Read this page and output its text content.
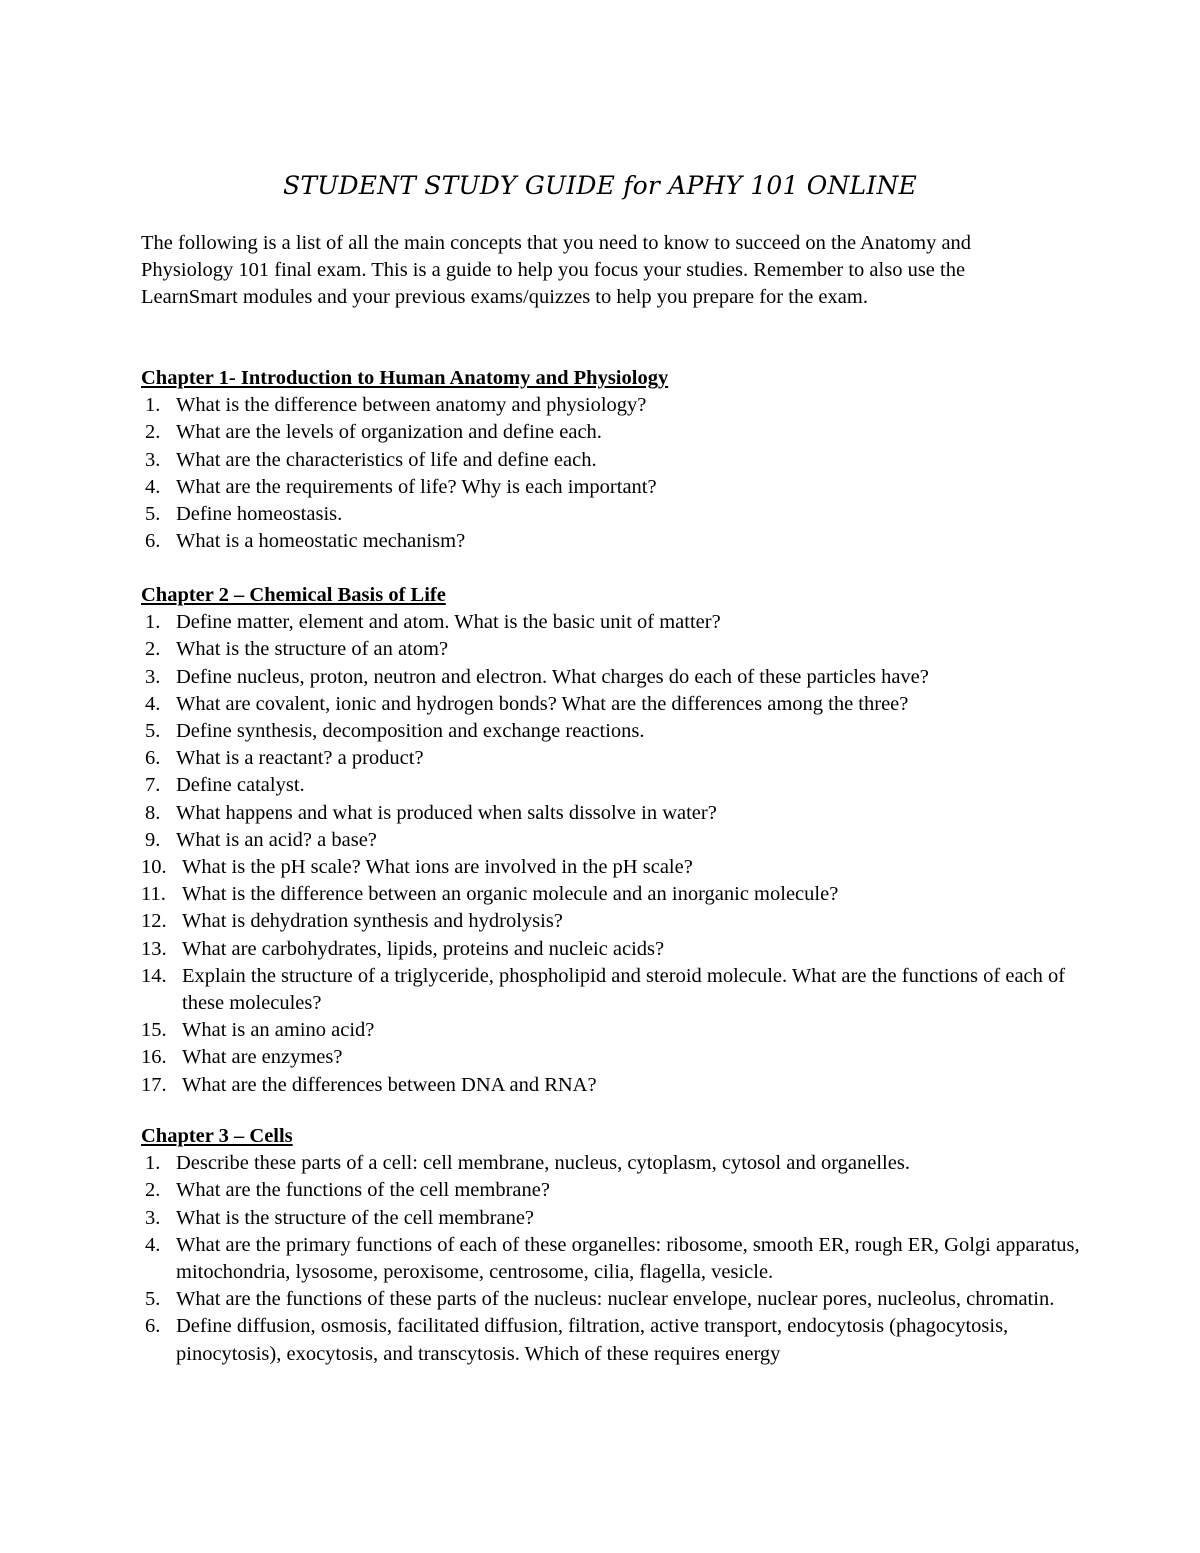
STUDENT STUDY GUIDE for APHY 101 ONLINE

The following is a list of all the main concepts that you need to know to succeed on the Anatomy and Physiology 101 final exam. This is a guide to help you focus your studies. Remember to also use the LearnSmart modules and your previous exams/quizzes to help you prepare for the exam.

Chapter 1- Introduction to Human Anatomy and Physiology
1. What is the difference between anatomy and physiology?
2. What are the levels of organization and define each.
3. What are the characteristics of life and define each.
4. What are the requirements of life? Why is each important?
5. Define homeostasis.
6. What is a homeostatic mechanism?
Chapter 2 – Chemical Basis of Life
1. Define matter, element and atom. What is the basic unit of matter?
2. What is the structure of an atom?
3. Define nucleus, proton, neutron and electron. What charges do each of these particles have?
4. What are covalent, ionic and hydrogen bonds? What are the differences among the three?
5. Define synthesis, decomposition and exchange reactions.
6. What is a reactant? a product?
7. Define catalyst.
8. What happens and what is produced when salts dissolve in water?
9. What is an acid? a base?
10. What is the pH scale? What ions are involved in the pH scale?
11. What is the difference between an organic molecule and an inorganic molecule?
12. What is dehydration synthesis and hydrolysis?
13. What are carbohydrates, lipids, proteins and nucleic acids?
14. Explain the structure of a triglyceride, phospholipid and steroid molecule. What are the functions of each of these molecules?
15. What is an amino acid?
16. What are enzymes?
17. What are the differences between DNA and RNA?
Chapter 3 – Cells
1. Describe these parts of a cell: cell membrane, nucleus, cytoplasm, cytosol and organelles.
2. What are the functions of the cell membrane?
3. What is the structure of the cell membrane?
4. What are the primary functions of each of these organelles: ribosome, smooth ER, rough ER, Golgi apparatus, mitochondria, lysosome, peroxisome, centrosome, cilia, flagella, vesicle.
5. What are the functions of these parts of the nucleus: nuclear envelope, nuclear pores, nucleolus, chromatin.
6. Define diffusion, osmosis, facilitated diffusion, filtration, active transport, endocytosis (phagocytosis, pinocytosis), exocytosis, and transcytosis. Which of these requires energy
